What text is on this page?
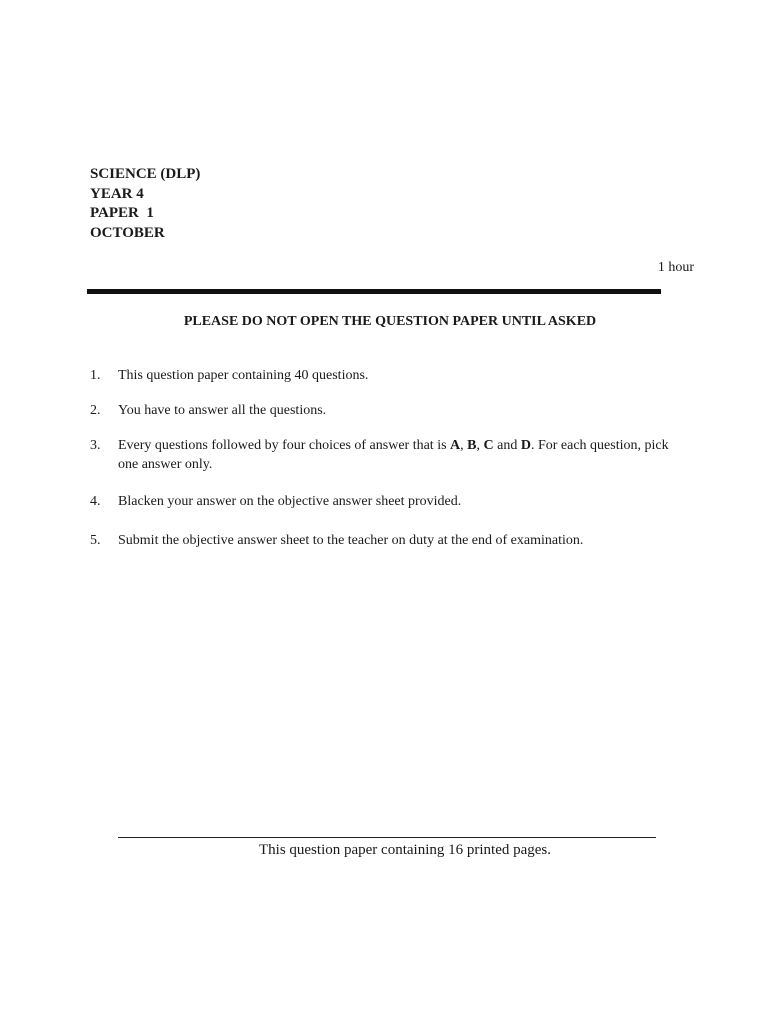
SCIENCE (DLP)
YEAR 4
PAPER  1
OCTOBER
1 hour
PLEASE DO NOT OPEN THE QUESTION PAPER UNTIL ASKED
1. This question paper containing 40 questions.
2. You have to answer all the questions.
3. Every questions followed by four choices of answer that is A, B, C and D. For each question, pick one answer only.
4. Blacken your answer on the objective answer sheet provided.
5. Submit the objective answer sheet to the teacher on duty at the end of examination.
This question paper containing 16 printed pages.
